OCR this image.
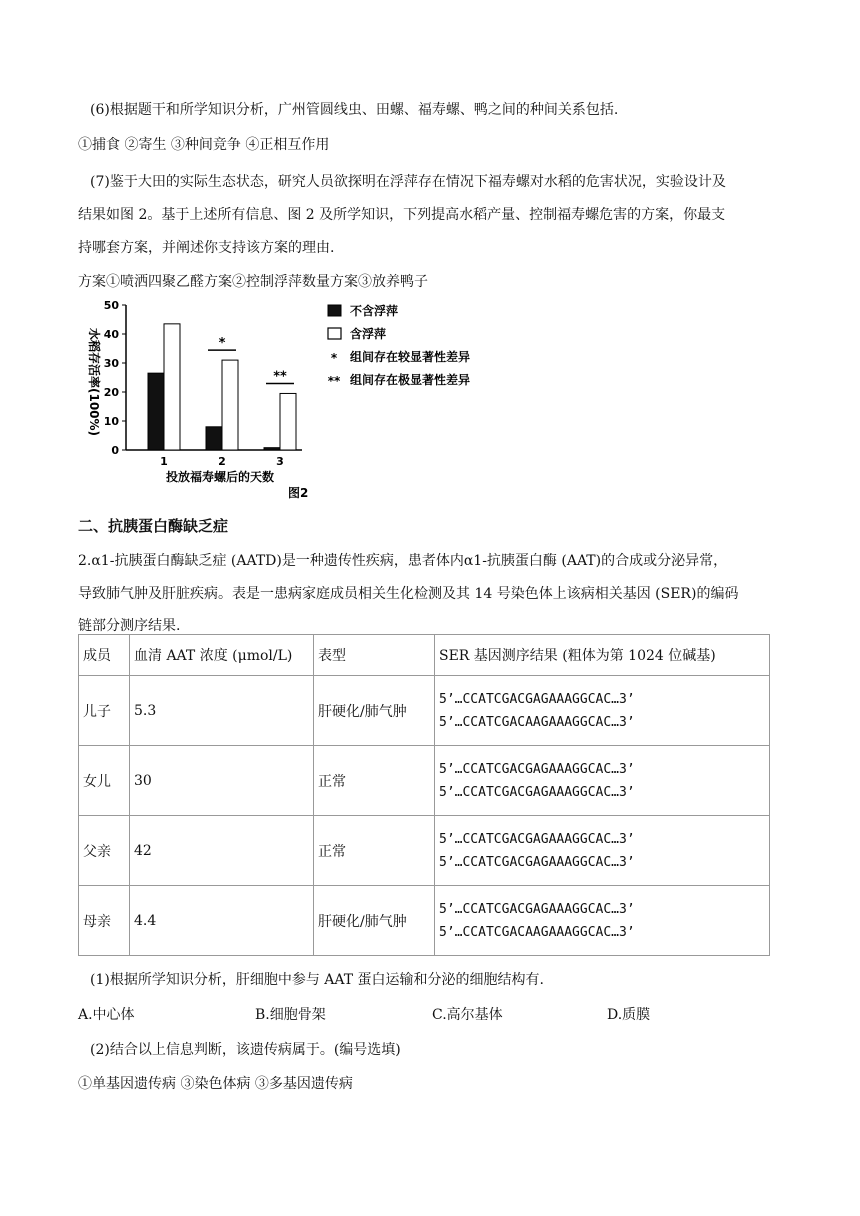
(6)根据题干和所学知识分析，广州管圆线虫、田螺、福寿螺、鸭之间的种间关系包括.
①捕食 ②寄生 ③种间竞争 ④正相互作用
(7)鉴于大田的实际生态状态，研究人员欲探明在浮萍存在情况下福寿螺对水稻的危害状况，实验设计及
结果如图 2。基于上述所有信息、图 2 及所学知识，下列提高水稻产量、控制福寿螺危害的方案，你最支
持哪套方案，并阐述你支持该方案的理由.
方案①喷洒四聚乙醛方案②控制浮萍数量方案③放养鸭子
0
10
20
30
40
50
1	2	3
*
**
不含浮萍
含浮萍
* 组间存在较显著性差异
** 组间存在极显著性差异
水稻存活率(100%)
投放福寿螺后的天数
图2
二、抗胰蛋白酶缺乏症
2.α1-抗胰蛋白酶缺乏症 (AATD)是一种遗传性疾病，患者体内α1-抗胰蛋白酶 (AAT)的合成或分泌异常，
导致肺气肿及肝脏疾病。表是一患病家庭成员相关生化检测及其 14 号染色体上该病相关基因 (SER)的编码
链部分测序结果.
成员	血清 AAT 浓度 (μmol/L)	表型	SER 基因测序结果 (粗体为第 1024 位碱基)
儿子	5.3	肝硬化/肺气肿	5’…CCATCGACGAGAAAGGCAC…3’
5’…CCATCGACAAGAAAGGCAC…3’

女儿	30	正常	5’…CCATCGACGAGAAAGGCAC…3’
5’…CCATCGACGAGAAAGGCAC…3’

父亲	42	正常	5’…CCATCGACGAGAAAGGCAC…3’
5’…CCATCGACGAGAAAGGCAC…3’

母亲	4.4	肝硬化/肺气肿	5’…CCATCGACGAGAAAGGCAC…3’
5’…CCATCGACAAGAAAGGCAC…3’
(1)根据所学知识分析，肝细胞中参与 AAT 蛋白运输和分泌的细胞结构有.
A.中心体	B.细胞骨架	C.高尔基体	D.质膜
(2)结合以上信息判断，该遗传病属于。(编号选填)
①单基因遗传病 ③染色体病 ③多基因遗传病
